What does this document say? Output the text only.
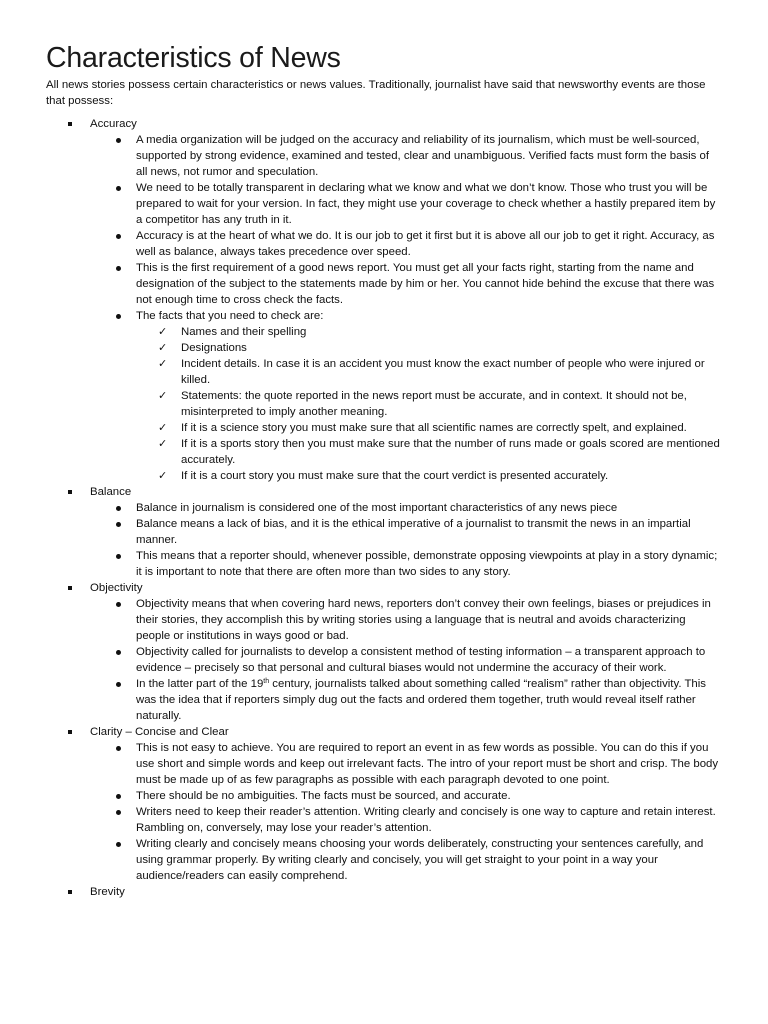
Characteristics of News

All news stories possess certain characteristics or news values. Traditionally, journalist have said that newsworthy events are those that possess:

Accuracy
A media organization will be judged on the accuracy and reliability of its journalism, which must be well-sourced, supported by strong evidence, examined and tested, clear and unambiguous. Verified facts must form the basis of all news, not rumor and speculation.
We need to be totally transparent in declaring what we know and what we don’t know. Those who trust you will be prepared to wait for your version. In fact, they might use your coverage to check whether a hastily prepared item by a competitor has any truth in it.
Accuracy is at the heart of what we do. It is our job to get it first but it is above all our job to get it right. Accuracy, as well as balance, always takes precedence over speed.
This is the first requirement of a good news report. You must get all your facts right, starting from the name and designation of the subject to the statements made by him or her. You cannot hide behind the excuse that there was not enough time to cross check the facts.
The facts that you need to check are:
✓ Names and their spelling
✓ Designations
✓ Incident details. In case it is an accident you must know the exact number of people who were injured or killed.
✓ Statements: the quote reported in the news report must be accurate, and in context. It should not be, misinterpreted to imply another meaning.
✓ If it is a science story you must make sure that all scientific names are correctly spelt, and explained.
✓ If it is a sports story then you must make sure that the number of runs made or goals scored are mentioned accurately.
✓ If it is a court story you must make sure that the court verdict is presented accurately.
Balance
Balance in journalism is considered one of the most important characteristics of any news piece
Balance means a lack of bias, and it is the ethical imperative of a journalist to transmit the news in an impartial manner.
This means that a reporter should, whenever possible, demonstrate opposing viewpoints at play in a story dynamic; it is important to note that there are often more than two sides to any story.
Objectivity
Objectivity means that when covering hard news, reporters don’t convey their own feelings, biases or prejudices in their stories, they accomplish this by writing stories using a language that is neutral and avoids characterizing people or institutions in ways good or bad.
Objectivity called for journalists to develop a consistent method of testing information – a transparent approach to evidence – precisely so that personal and cultural biases would not undermine the accuracy of their work.
In the latter part of the 19th century, journalists talked about something called “realism” rather than objectivity. This was the idea that if reporters simply dug out the facts and ordered them together, truth would reveal itself rather naturally.
Clarity – Concise and Clear
This is not easy to achieve. You are required to report an event in as few words as possible. You can do this if you use short and simple words and keep out irrelevant facts. The intro of your report must be short and crisp. The body must be made up of as few paragraphs as possible with each paragraph devoted to one point.
There should be no ambiguities. The facts must be sourced, and accurate.
Writers need to keep their reader’s attention. Writing clearly and concisely is one way to capture and retain interest. Rambling on, conversely, may lose your reader’s attention.
Writing clearly and concisely means choosing your words deliberately, constructing your sentences carefully, and using grammar properly. By writing clearly and concisely, you will get straight to your point in a way your audience/readers can easily comprehend.
Brevity
